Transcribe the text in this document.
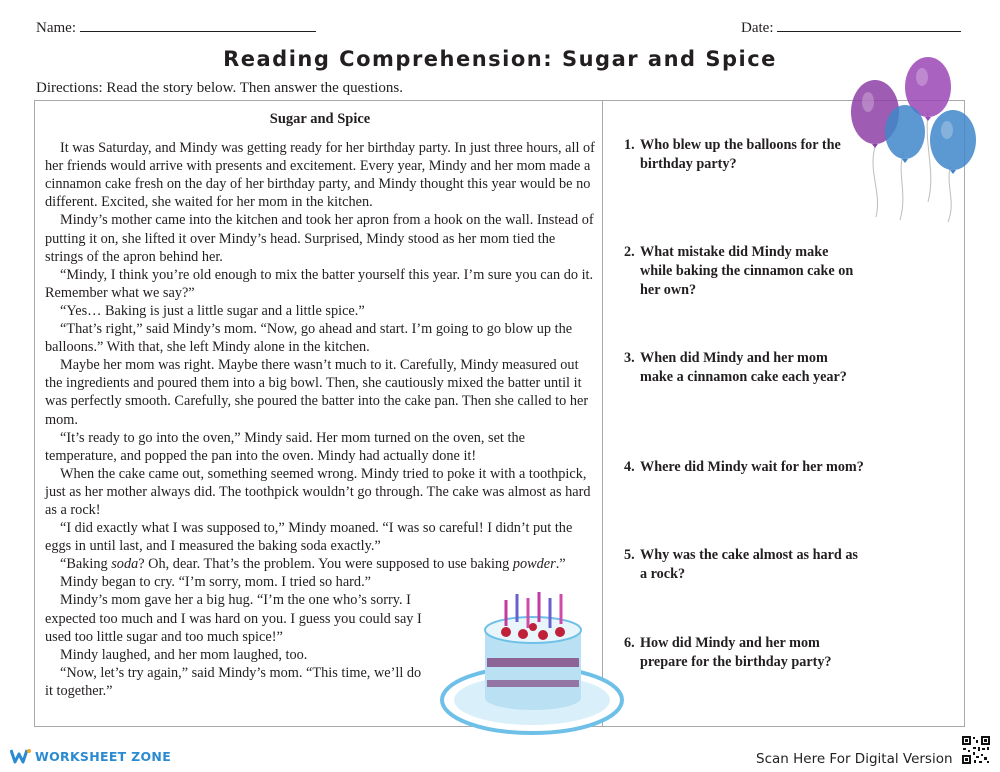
Name:	Date:
Reading Comprehension: Sugar and Spice
Directions: Read the story below. Then answer the questions.
Sugar and Spice

It was Saturday, and Mindy was getting ready for her birthday party. In just three hours, all of her friends would arrive with presents and excitement. Every year, Mindy and her mom made a cinnamon cake fresh on the day of her birthday party, and Mindy thought this year would be no different. Excited, she waited for her mom in the kitchen.

Mindy’s mother came into the kitchen and took her apron from a hook on the wall. Instead of putting it on, she lifted it over Mindy’s head. Surprised, Mindy stood as her mom tied the strings of the apron behind her.

“Mindy, I think you’re old enough to mix the batter yourself this year. I’m sure you can do it. Remember what we say?”

“Yes… Baking is just a little sugar and a little spice.”

“That’s right,” said Mindy’s mom. “Now, go ahead and start. I’m going to go blow up the balloons.” With that, she left Mindy alone in the kitchen.

Maybe her mom was right. Maybe there wasn’t much to it. Carefully, Mindy measured out the ingredients and poured them into a big bowl. Then, she cautiously mixed the batter until it was perfectly smooth. Carefully, she poured the batter into the cake pan. Then she called to her mom.

“It’s ready to go into the oven,” Mindy said. Her mom turned on the oven, set the temperature, and popped the pan into the oven. Mindy had actually done it!

When the cake came out, something seemed wrong. Mindy tried to poke it with a toothpick, just as her mother always did. The toothpick wouldn’t go through. The cake was almost as hard as a rock!

“I did exactly what I was supposed to,” Mindy moaned. “I was so careful! I didn’t put the eggs in until last, and I measured the baking soda exactly.”

“Baking soda? Oh, dear. That’s the problem. You were supposed to use baking powder.”

Mindy began to cry. “I’m sorry, mom. I tried so hard.”

Mindy’s mom gave her a big hug. “I’m the one who’s sorry. I expected too much and I was hard on you. I guess you could say I used too little sugar and too much spice!”

Mindy laughed, and her mom laughed, too.

“Now, let’s try again,” said Mindy’s mom. “This time, we’ll do it together.”

1. Who blew up the balloons for the birthday party?
2. What mistake did Mindy make while baking the cinnamon cake on her own?
3. When did Mindy and her mom make a cinnamon cake each year?
4. Where did Mindy wait for her mom?
5. Why was the cake almost as hard as a rock?
6. How did Mindy and her mom prepare for the birthday party?
WORKSHEET ZONE	Scan Here For Digital Version
